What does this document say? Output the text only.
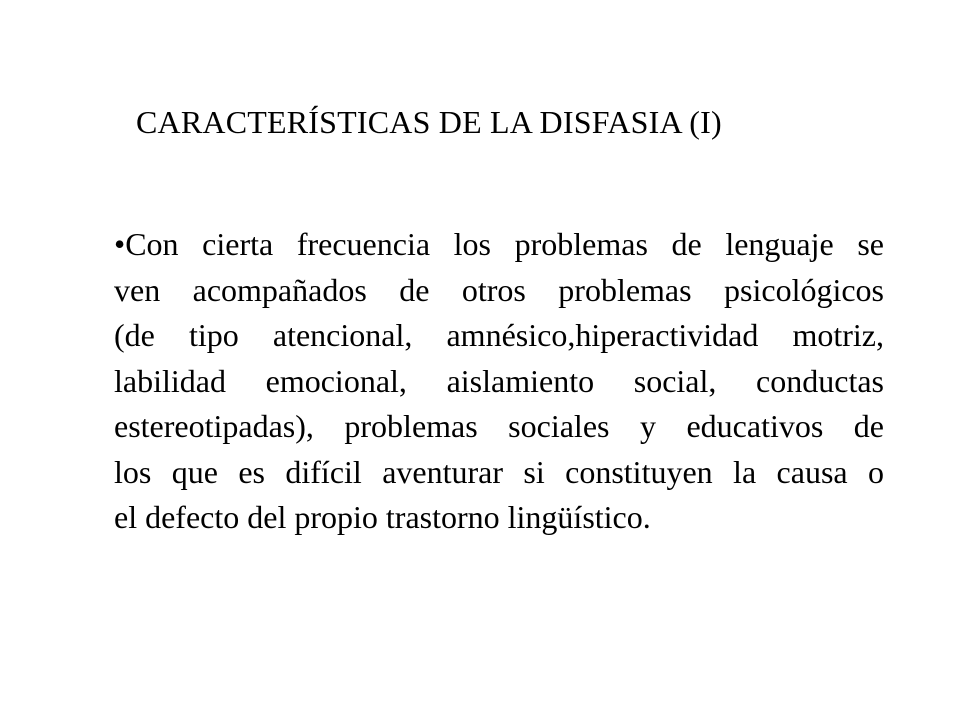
CARACTERÍSTICAS DE LA DISFASIA (I)
•Con cierta frecuencia los problemas de lenguaje se
ven acompañados de otros problemas psicológicos
(de tipo atencional, amnésico,hiperactividad motriz,
labilidad emocional, aislamiento social, conductas
estereotipadas), problemas sociales y educativos de
los que es difícil aventurar si constituyen la causa o
el defecto del propio trastorno lingüístico.
